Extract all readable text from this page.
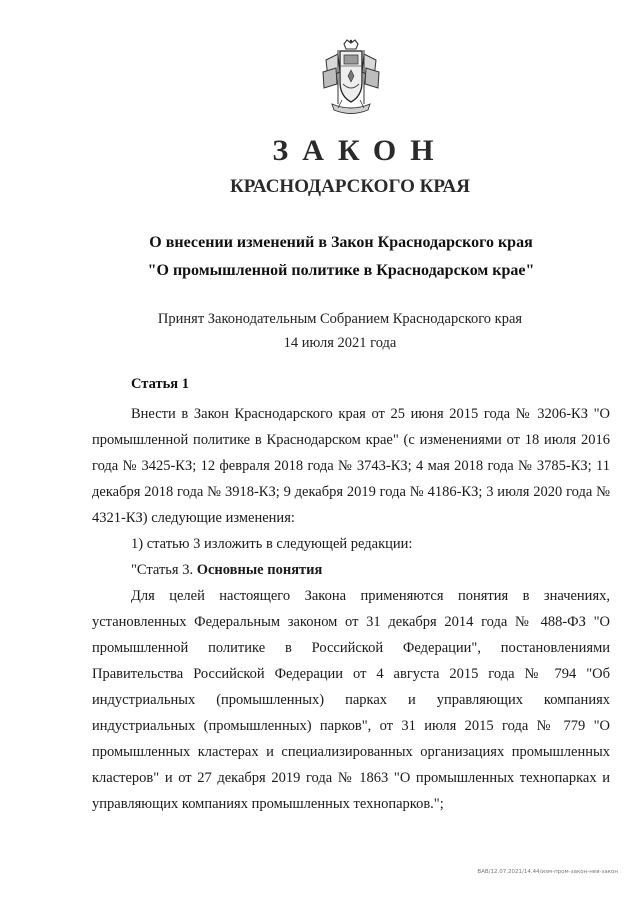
ЗАКОН
КРАСНОДАРСКОГО КРАЯ
О внесении изменений в Закон Краснодарского края
"О промышленной политике в Краснодарском крае"
Принят Законодательным Собранием Краснодарского края
14 июля 2021 года
Статья 1

Внести в Закон Краснодарского края от 25 июня 2015 года № 3206-КЗ "О промышленной политике в Краснодарском крае" (с изменениями от 18 июля 2016 года № 3425-КЗ; 12 февраля 2018 года № 3743-КЗ; 4 мая 2018 года № 3785-КЗ; 11 декабря 2018 года № 3918-КЗ; 9 декабря 2019 года № 4186-КЗ; 3 июля 2020 года № 4321-КЗ) следующие изменения:

1) статью 3 изложить в следующей редакции:

"Статья 3. Основные понятия

Для целей настоящего Закона применяются понятия в значениях, установленных Федеральным законом от 31 декабря 2014 года № 488-ФЗ "О промышленной политике в Российской Федерации", постановлениями Правительства Российской Федерации от 4 августа 2015 года № 794 "Об индустриальных (промышленных) парках и управляющих компаниях индустриальных (промышленных) парков", от 31 июля 2015 года № 779 "О промышленных кластерах и специализированных организациях промышленных кластеров" и от 27 декабря 2019 года № 1863 "О промышленных технопарках и управляющих компаниях промышленных технопарков.";

ВАВ/12.07.2021/14.44/изм-пром-закон-нев-закон
